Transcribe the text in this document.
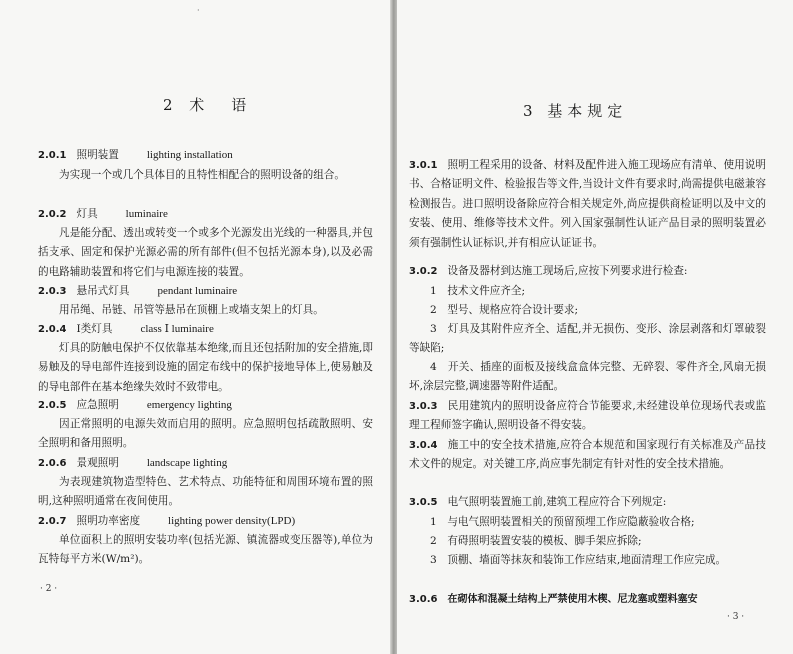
·
2 术　语
2.0.1 照明装置	lighting installation
为实现一个或几个具体目的且特性相配合的照明设备的组合。
2.0.2 灯具	luminaire
凡是能分配、透出或转变一个或多个光源发出光线的一种器具,并包括支承、固定和保护光源必需的所有部件(但不包括光源本身),以及必需的电路辅助装置和将它们与电源连接的装置。
2.0.3 悬吊式灯具	pendant luminaire
用吊绳、吊链、吊管等悬吊在顶棚上或墙支架上的灯具。
2.0.4 Ⅰ类灯具	class Ⅰ luminaire
灯具的防触电保护不仅依靠基本绝缘,而且还包括附加的安全措施,即易触及的导电部件连接到设施的固定布线中的保护接地导体上,使易触及的导电部件在基本绝缘失效时不致带电。
2.0.5 应急照明	emergency lighting
因正常照明的电源失效而启用的照明。应急照明包括疏散照明、安全照明和备用照明。
2.0.6 景观照明	landscape lighting
为表现建筑物造型特色、艺术特点、功能特征和周围环境布置的照明,这种照明通常在夜间使用。
2.0.7 照明功率密度	lighting power density(LPD)
单位面积上的照明安装功率(包括光源、镇流器或变压器等),单位为瓦特每平方米(W/m²)。
· 2 ·
3 基本规定
3.0.1 照明工程采用的设备、材料及配件进入施工现场应有清单、使用说明书、合格证明文件、检验报告等文件,当设计文件有要求时,尚需提供电磁兼容检测报告。进口照明设备除应符合相关规定外,尚应提供商检证明以及中文的安装、使用、维修等技术文件。列入国家强制性认证产品目录的照明装置必须有强制性认证标识,并有相应认证证书。
3.0.2 设备及器材到达施工现场后,应按下列要求进行检查:
1　技术文件应齐全;
2　型号、规格应符合设计要求;
3　灯具及其附件应齐全、适配,并无损伤、变形、涂层剥落和灯罩破裂等缺陷;
4　开关、插座的面板及接线盒盒体完整、无碎裂、零件齐全,风扇无损坏,涂层完整,调速器等附件适配。
3.0.3 民用建筑内的照明设备应符合节能要求,未经建设单位现场代表或监理工程师签字确认,照明设备不得安装。
3.0.4 施工中的安全技术措施,应符合本规范和国家现行有关标准及产品技术文件的规定。对关键工序,尚应事先制定有针对性的安全技术措施。
3.0.5 电气照明装置施工前,建筑工程应符合下列规定:
1　与电气照明装置相关的预留预埋工作应隐蔽验收合格;
2　有碍照明装置安装的模板、脚手架应拆除;
3　顶棚、墙面等抹灰和装饰工作应结束,地面清理工作应完成。
3.0.6 在砌体和混凝土结构上严禁使用木楔、尼龙塞或塑料塞安
· 3 ·
